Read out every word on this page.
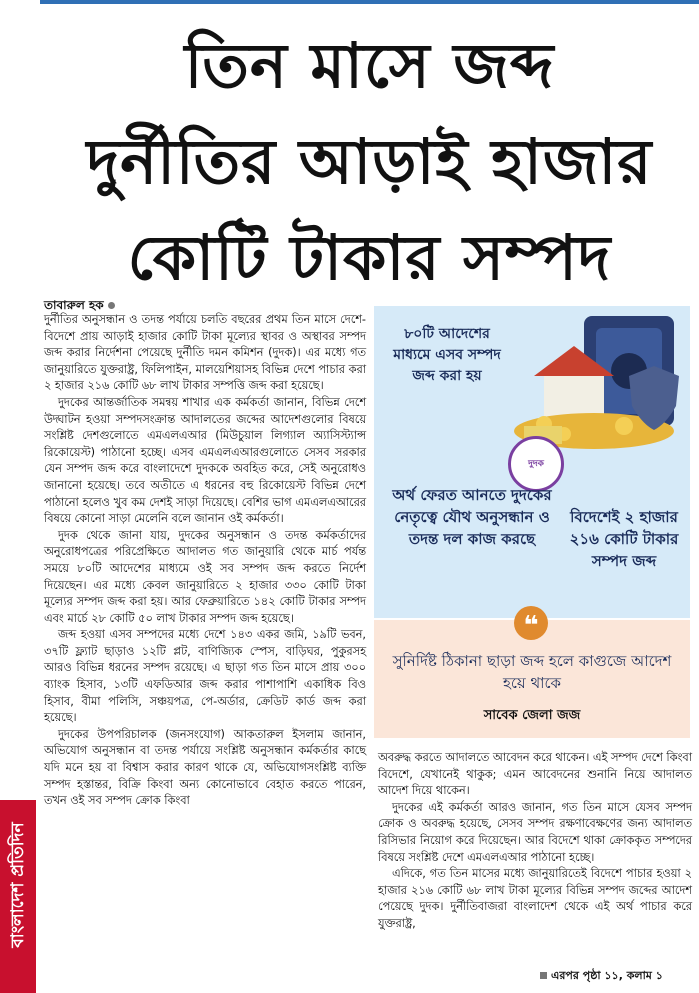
বাংলাদেশ প্রতিদিন
তিন মাসে জব্দ
দুর্নীতির আড়াই হাজার
কোটি টাকার সম্পদ
তাবারুল হক

দুর্নীতির অনুসন্ধান ও তদন্ত পর্যায়ে চলতি বছরের প্রথম তিন মাসে দেশে-বিদেশে প্রায় আড়াই হাজার কোটি টাকা মূল্যের স্থাবর ও অস্থাবর সম্পদ জব্দ করার নির্দেশনা পেয়েছে দুর্নীতি দমন কমিশন (দুদক)। এর মধ্যে গত জানুয়ারিতে যুক্তরাষ্ট্র, ফিলিপাইন, মালয়েশিয়াসহ বিভিন্ন দেশে পাচার করা ২ হাজার ২১৬ কোটি ৬৮ লাখ টাকার সম্পত্তি জব্দ করা হয়েছে।

দুদকের আন্তর্জাতিক সমন্বয় শাখার এক কর্মকর্তা জানান, বিভিন্ন দেশে উদ্ঘাটন হওয়া সম্পদসংক্রান্ত আদালতের জব্দের আদেশগুলোর বিষয়ে সংশ্লিষ্ট দেশগুলোতে এমএলএআর (মিউচুয়াল লিগ্যাল অ্যাসিস্ট্যান্স রিকোয়েস্ট) পাঠানো হচ্ছে। এসব এমএলএআরগুলোতে সেসব সরকার যেন সম্পদ জব্দ করে বাংলাদেশে দুদককে অবহিত করে, সেই অনুরোধও জানানো হয়েছে। তবে অতীতে এ ধরনের বহু রিকোয়েস্ট বিভিন্ন দেশে পাঠানো হলেও খুব কম দেশই সাড়া দিয়েছে। বেশির ভাগ এমএলএআরের বিষয়ে কোনো সাড়া মেলেনি বলে জানান ওই কর্মকর্তা।

দুদক থেকে জানা যায়, দুদকের অনুসন্ধান ও তদন্ত কর্মকর্তাদের অনুরোধপত্রের পরিপ্রেক্ষিতে আদালত গত জানুয়ারি থেকে মার্চ পর্যন্ত সময়ে ৮০টি আদেশের মাধ্যমে ওই সব সম্পদ জব্দ করতে নির্দেশ দিয়েছেন। এর মধ্যে কেবল জানুয়ারিতে ২ হাজার ৩৩০ কোটি টাকা মূল্যের সম্পদ জব্দ করা হয়। আর ফেব্রুয়ারিতে ১৪২ কোটি টাকার সম্পদ এবং মার্চে ২৮ কোটি ৫০ লাখ টাকার সম্পদ জব্দ হয়েছে।

জব্দ হওয়া এসব সম্পদের মধ্যে দেশে ১৪৩ একর জমি, ১৯টি ভবন, ৩৭টি ফ্ল্যাট ছাড়াও ১২টি প্লট, বাণিজ্যিক স্পেস, বাড়িঘর, পুকুরসহ আরও বিভিন্ন ধরনের সম্পদ রয়েছে। এ ছাড়া গত তিন মাসে প্রায় ৩০০ ব্যাংক হিসাব, ১৩টি এফডিআর জব্দ করার পাশাপাশি একাধিক বিও হিসাব, বীমা পলিসি, সঞ্চয়পত্র, পে-অর্ডার, ক্রেডিট কার্ড জব্দ করা হয়েছে।

দুদকের উপপরিচালক (জনসংযোগ) আকতারুল ইসলাম জানান, অভিযোগ অনুসন্ধান বা তদন্ত পর্যায়ে সংশ্লিষ্ট অনুসন্ধান কর্মকর্তার কাছে যদি মনে হয় বা বিশ্বাস করার কারণ থাকে যে, অভিযোগসংশ্লিষ্ট ব্যক্তি সম্পদ হস্তান্তর, বিক্রি কিংবা অন্য কোনোভাবে বেহাত করতে পারেন, তখন ওই সব সম্পদ ক্রোক কিংবা

৮০টি আদেশের মাধ্যমে এসব সম্পদ জব্দ করা হয়
দুদক
অর্থ ফেরত আনতে দুদকের নেতৃত্বে যৌথ অনুসন্ধান ও তদন্ত দল কাজ করছে
বিদেশেই ২ হাজার ২১৬ কোটি টাকার সম্পদ জব্দ
❝
সুনির্দিষ্ট ঠিকানা ছাড়া জব্দ হলে কাগুজে আদেশ হয়ে থাকে
সাবেক জেলা জজ

অবরুদ্ধ করতে আদালতে আবেদন করে থাকেন। এই সম্পদ দেশে কিংবা বিদেশে, যেখানেই থাকুক; এমন আবেদনের শুনানি নিয়ে আদালত আদেশ দিয়ে থাকেন।

দুদকের এই কর্মকর্তা আরও জানান, গত তিন মাসে যেসব সম্পদ ক্রোক ও অবরুদ্ধ হয়েছে, সেসব সম্পদ রক্ষণাবেক্ষণের জন্য আদালত রিসিভার নিয়োগ করে দিয়েছেন। আর বিদেশে থাকা ক্রোককৃত সম্পদের বিষয়ে সংশ্লিষ্ট দেশে এমএলএআর পাঠানো হচ্ছে।

এদিকে, গত তিন মাসের মধ্যে জানুয়ারিতেই বিদেশে পাচার হওয়া ২ হাজার ২১৬ কোটি ৬৮ লাখ টাকা মূল্যের বিভিন্ন সম্পদ জব্দের আদেশ পেয়েছে দুদক। দুর্নীতিবাজরা বাংলাদেশ থেকে এই অর্থ পাচার করে যুক্তরাষ্ট্র,

এরপর পৃষ্ঠা ১১, কলাম ১
